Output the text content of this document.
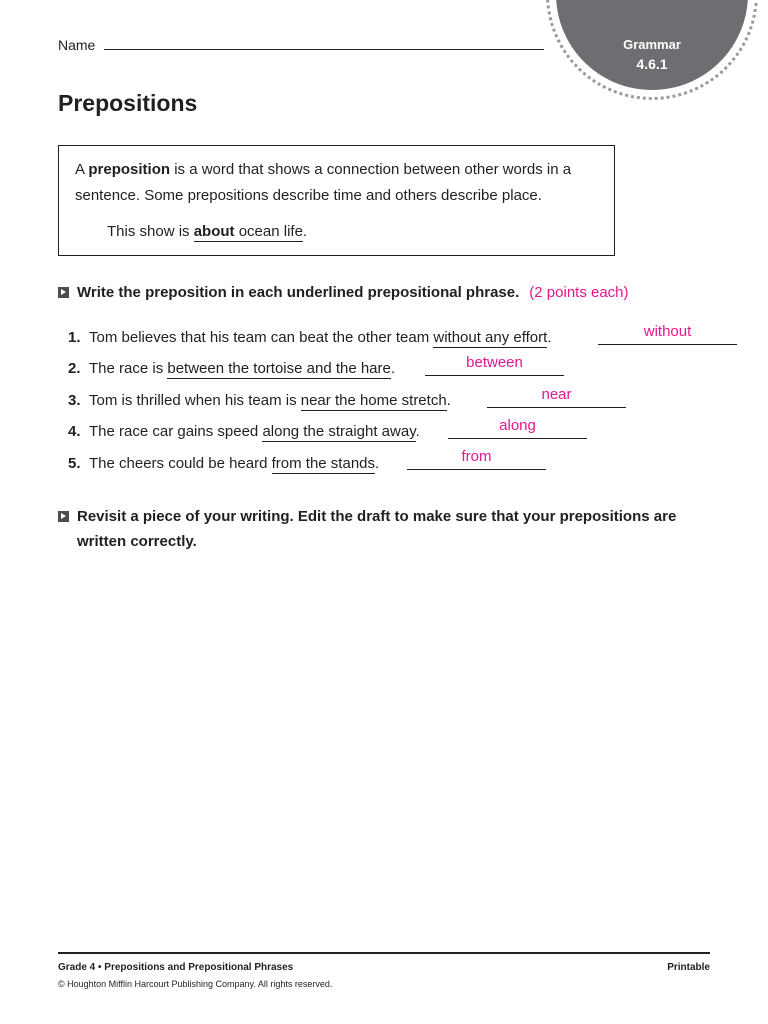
Grammar
4.6.1
Name
Prepositions
A preposition is a word that shows a connection between other words in a sentence. Some prepositions describe time and others describe place.
This show is about ocean life.
Write the preposition in each underlined prepositional phrase. (2 points each)
1. Tom believes that his team can beat the other team without any effort.	without
2. The race is between the tortoise and the hare.	between
3. Tom is thrilled when his team is near the home stretch.	near
4. The race car gains speed along the straight away.	along
5. The cheers could be heard from the stands.	from
Revisit a piece of your writing. Edit the draft to make sure that your prepositions are written correctly.
Grade 4 • Prepositions and Prepositional Phrases	Printable
© Houghton Mifflin Harcourt Publishing Company. All rights reserved.
